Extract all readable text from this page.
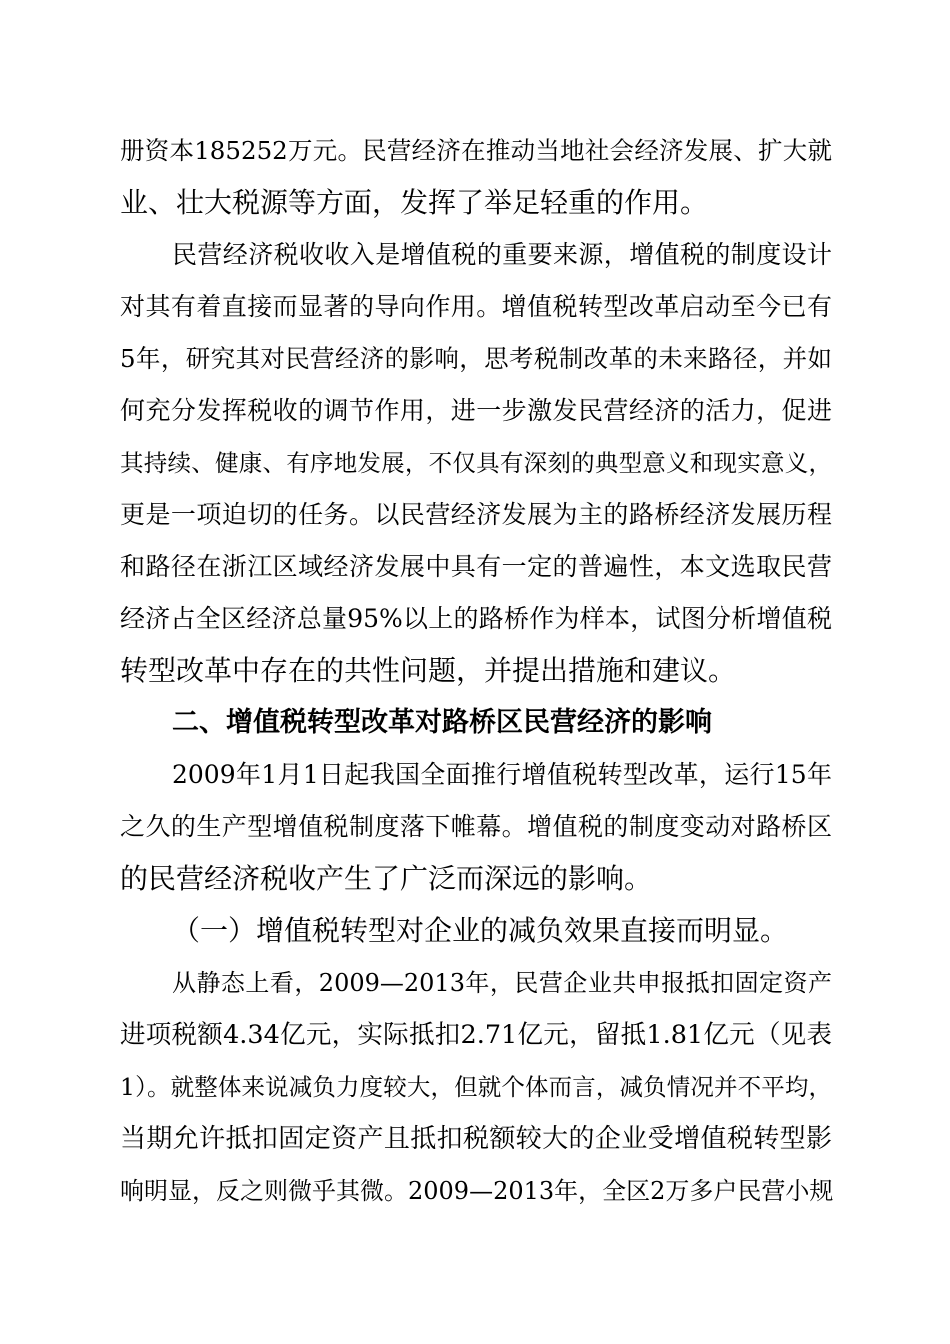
册资本185252万元。民营经济在推动当地社会经济发展、扩大就
业、壮大税源等方面，发挥了举足轻重的作用。
民营经济税收收入是增值税的重要来源，增值税的制度设计
对其有着直接而显著的导向作用。增值税转型改革启动至今已有
5年，研究其对民营经济的影响，思考税制改革的未来路径，并如
何充分发挥税收的调节作用，进一步激发民营经济的活力，促进
其持续、健康、有序地发展，不仅具有深刻的典型意义和现实意义，
更是一项迫切的任务。以民营经济发展为主的路桥经济发展历程
和路径在浙江区域经济发展中具有一定的普遍性，本文选取民营
经济占全区经济总量95%以上的路桥作为样本，试图分析增值税
转型改革中存在的共性问题，并提出措施和建议。
二、增值税转型改革对路桥区民营经济的影响
2009年1月1日起我国全面推行增值税转型改革，运行15年
之久的生产型增值税制度落下帷幕。增值税的制度变动对路桥区
的民营经济税收产生了广泛而深远的影响。
（一）增值税转型对企业的减负效果直接而明显。
从静态上看，2009—2013年，民营企业共申报抵扣固定资产
进项税额4.34亿元，实际抵扣2.71亿元，留抵1.81亿元（见表
1）。就整体来说减负力度较大，但就个体而言，减负情况并不平均，
当期允许抵扣固定资产且抵扣税额较大的企业受增值税转型影
响明显，反之则微乎其微。2009—2013年，全区2万多户民营小规
